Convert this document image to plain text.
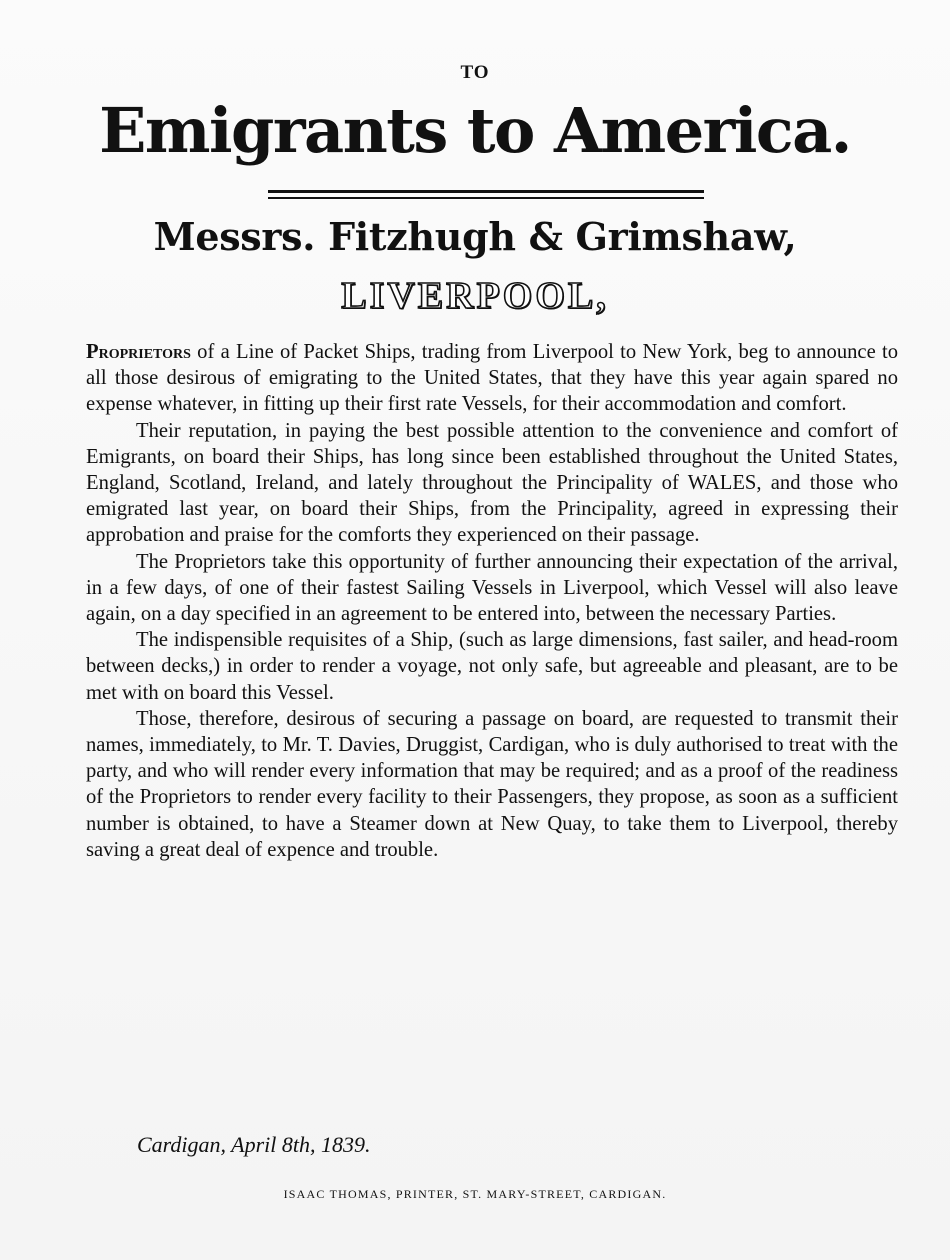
TO
Emigrants to America.
Messrs. Fitzhugh & Grimshaw,
LIVERPOOL,

Proprietors of a Line of Packet Ships, trading from Liverpool to New York, beg to announce to all those desirous of emigrating to the United States, that they have this year again spared no expense whatever, in fitting up their first rate Vessels, for their accommodation and comfort.

Their reputation, in paying the best possible attention to the convenience and comfort of Emigrants, on board their Ships, has long since been established throughout the United States, England, Scotland, Ireland, and lately throughout the Principality of WALES, and those who emigrated last year, on board their Ships, from the Principality, agreed in expressing their approbation and praise for the comforts they experienced on their passage.

The Proprietors take this opportunity of further announcing their expectation of the arrival, in a few days, of one of their fastest Sailing Vessels in Liverpool, which Vessel will also leave again, on a day specified in an agreement to be entered into, between the necessary Parties.

The indispensible requisites of a Ship, (such as large dimensions, fast sailer, and head-room between decks,) in order to render a voyage, not only safe, but agreeable and pleasant, are to be met with on board this Vessel.

Those, therefore, desirous of securing a passage on board, are requested to transmit their names, immediately, to Mr. T. Davies, Druggist, Cardigan, who is duly authorised to treat with the party, and who will render every information that may be required; and as a proof of the readiness of the Proprietors to render every facility to their Passengers, they propose, as soon as a sufficient number is obtained, to have a Steamer down at New Quay, to take them to Liverpool, thereby saving a great deal of expence and trouble.

Cardigan, April 8th, 1839.
ISAAC THOMAS, PRINTER, ST. MARY-STREET, CARDIGAN.
